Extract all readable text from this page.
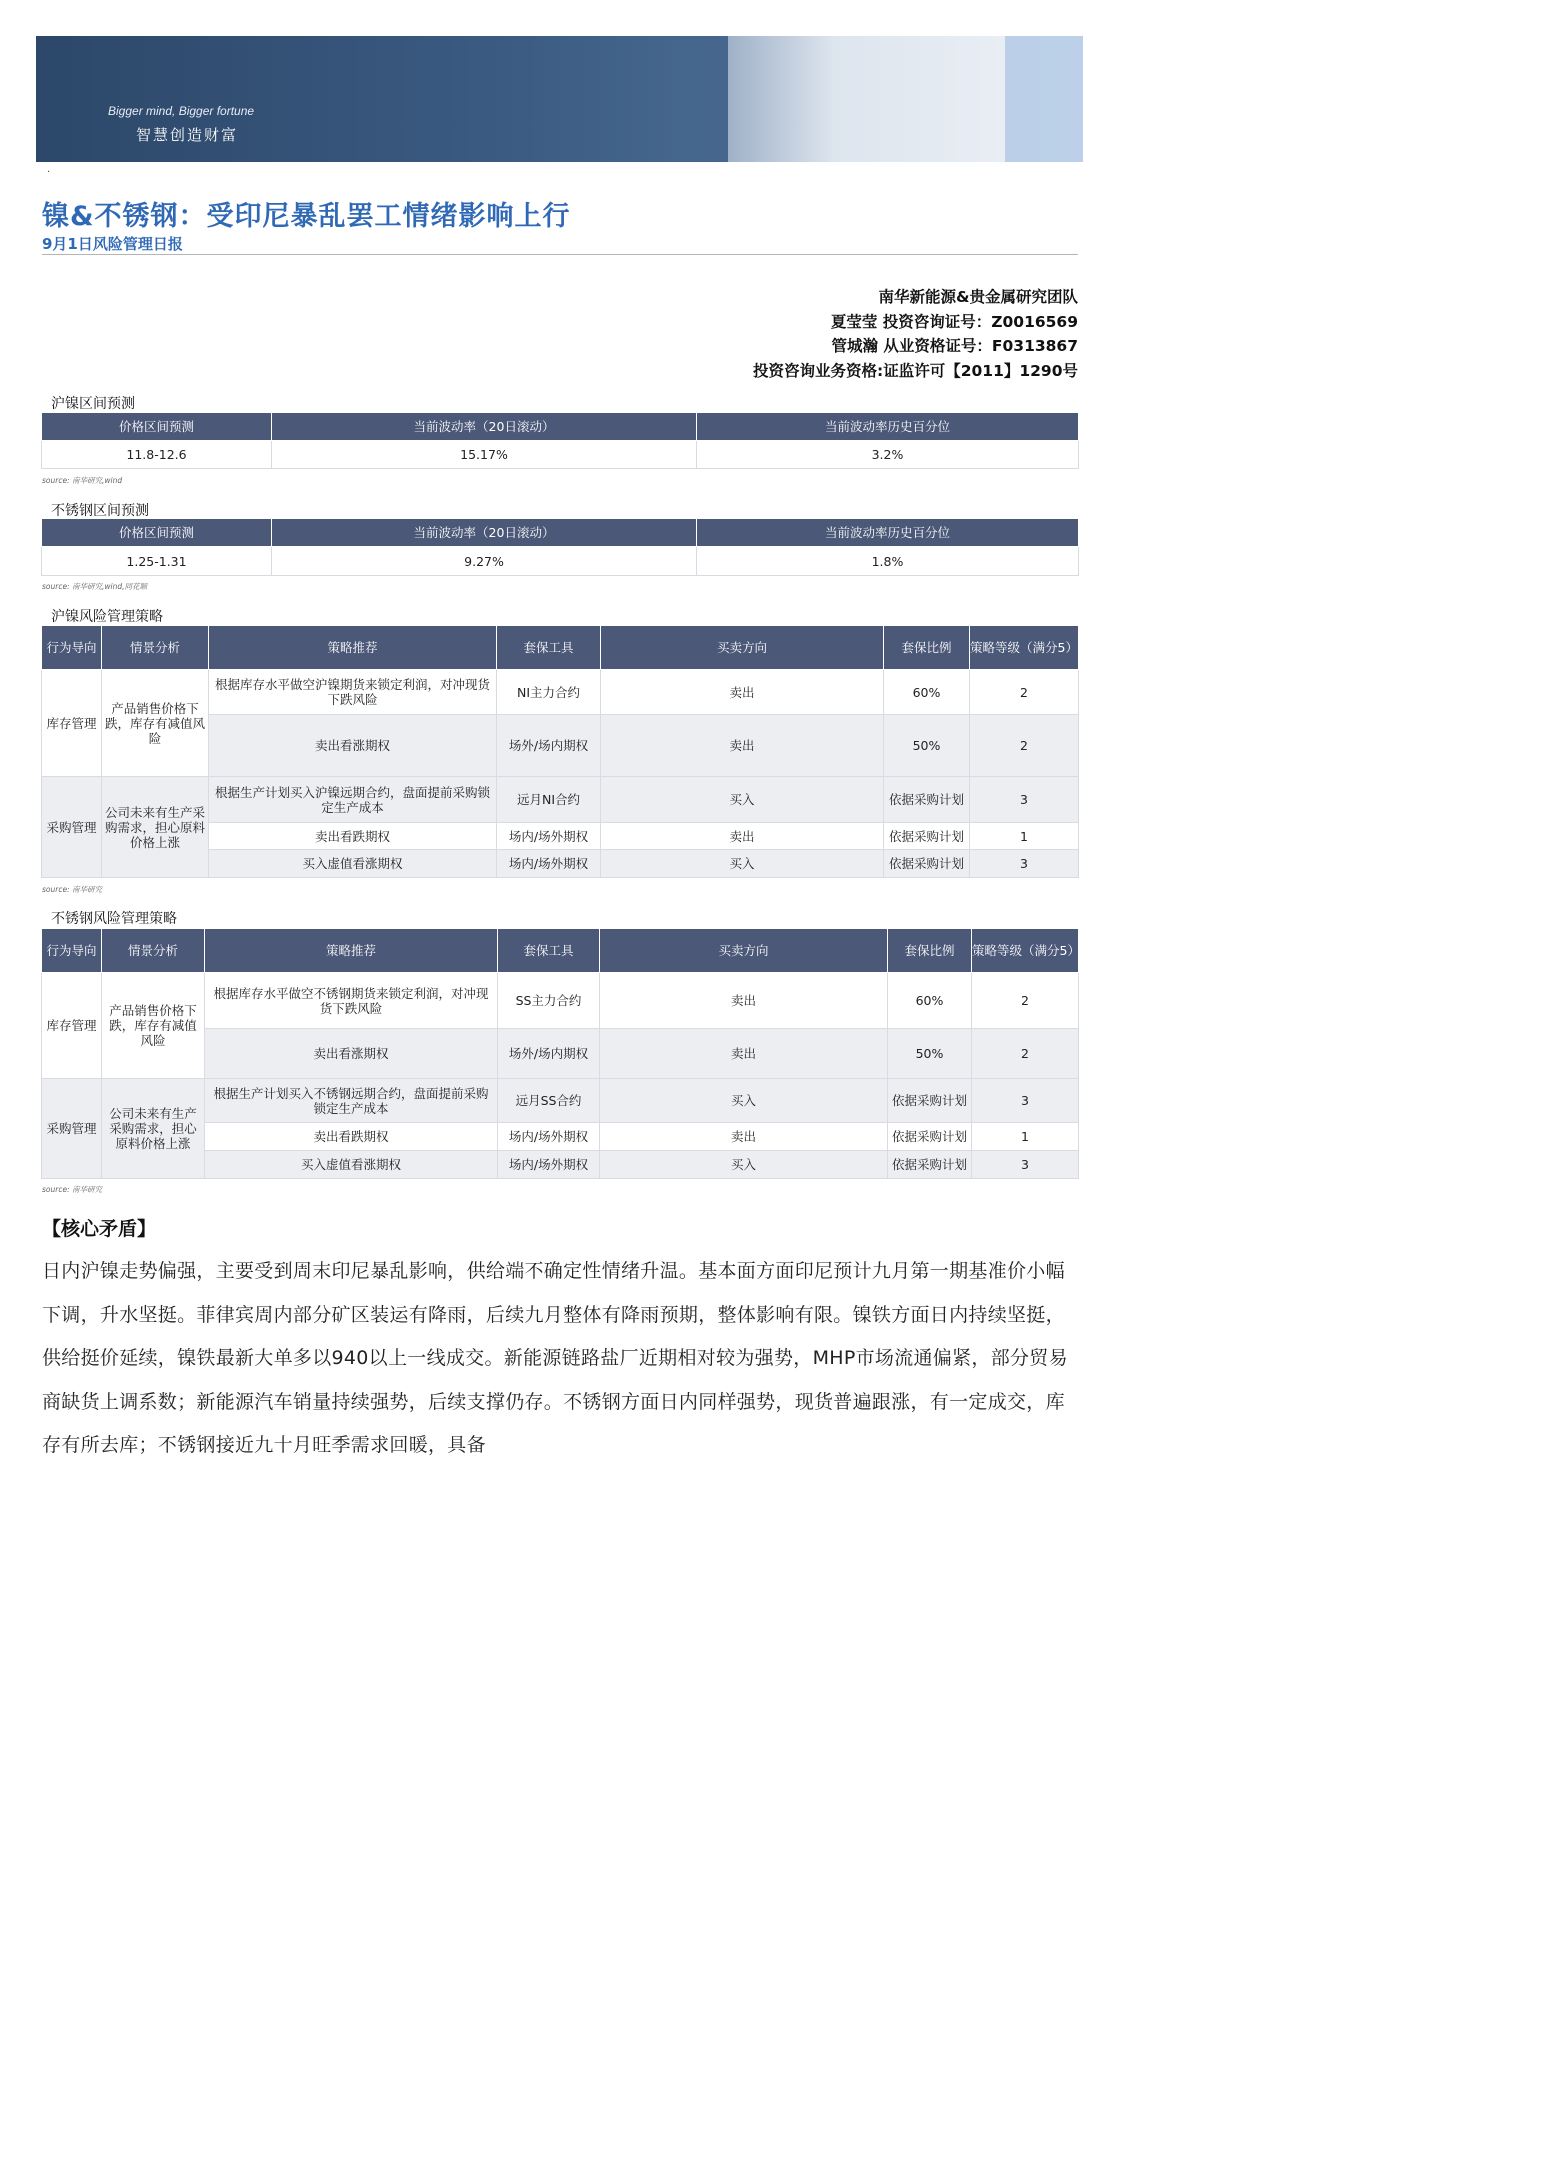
Bigger mind, Bigger fortune
智慧创造财富
.
镍&不锈钢：受印尼暴乱罢工情绪影响上行
9月1日风险管理日报
南华新能源&贵金属研究团队
夏莹莹 投资咨询证号：Z0016569
管城瀚 从业资格证号：F0313867
投资咨询业务资格:证监许可【2011】1290号
沪镍区间预测
价格区间预测	当前波动率（20日滚动）	当前波动率历史百分位
11.8-12.6	15.17%	3.2%
source: 南华研究,wind
不锈钢区间预测
价格区间预测	当前波动率（20日滚动）	当前波动率历史百分位
1.25-1.31	9.27%	1.8%
source: 南华研究,wind,同花顺
沪镍风险管理策略
行为导向	情景分析	策略推荐	套保工具	买卖方向	套保比例	策略等级（满分5）
库存管理	产品销售价格下跌，库存有减值风险	根据库存水平做空沪镍期货来锁定利润，对冲现货下跌风险	NI主力合约	卖出	60%	2
		卖出看涨期权	场外/场内期权	卖出	50%	2
采购管理	公司未来有生产采购需求，担心原料价格上涨	根据生产计划买入沪镍远期合约，盘面提前采购锁定生产成本	远月NI合约	买入	依据采购计划	3
		卖出看跌期权	场内/场外期权	卖出	依据采购计划	1
		买入虚值看涨期权	场内/场外期权	买入	依据采购计划	3
source: 南华研究
不锈钢风险管理策略
行为导向	情景分析	策略推荐	套保工具	买卖方向	套保比例	策略等级（满分5）
库存管理	产品销售价格下跌，库存有减值风险	根据库存水平做空不锈钢期货来锁定利润，对冲现货下跌风险	SS主力合约	卖出	60%	2
		卖出看涨期权	场外/场内期权	卖出	50%	2
采购管理	公司未来有生产采购需求，担心原料价格上涨	根据生产计划买入不锈钢远期合约，盘面提前采购锁定生产成本	远月SS合约	买入	依据采购计划	3
		卖出看跌期权	场内/场外期权	卖出	依据采购计划	1
		买入虚值看涨期权	场内/场外期权	买入	依据采购计划	3
source: 南华研究
【核心矛盾】
日内沪镍走势偏强，主要受到周末印尼暴乱影响，供给端不确定性情绪升温。基本面方面印尼预计九月第一期基准价小幅下调，升水坚挺。菲律宾周内部分矿区装运有降雨，后续九月整体有降雨预期，整体影响有限。镍铁方面日内持续坚挺，供给挺价延续，镍铁最新大单多以940以上一线成交。新能源链路盐厂近期相对较为强势，MHP市场流通偏紧，部分贸易商缺货上调系数；新能源汽车销量持续强势，后续支撑仍存。不锈钢方面日内同样强势，现货普遍跟涨，有一定成交，库存有所去库；不锈钢接近九十月旺季需求回暖，具备
